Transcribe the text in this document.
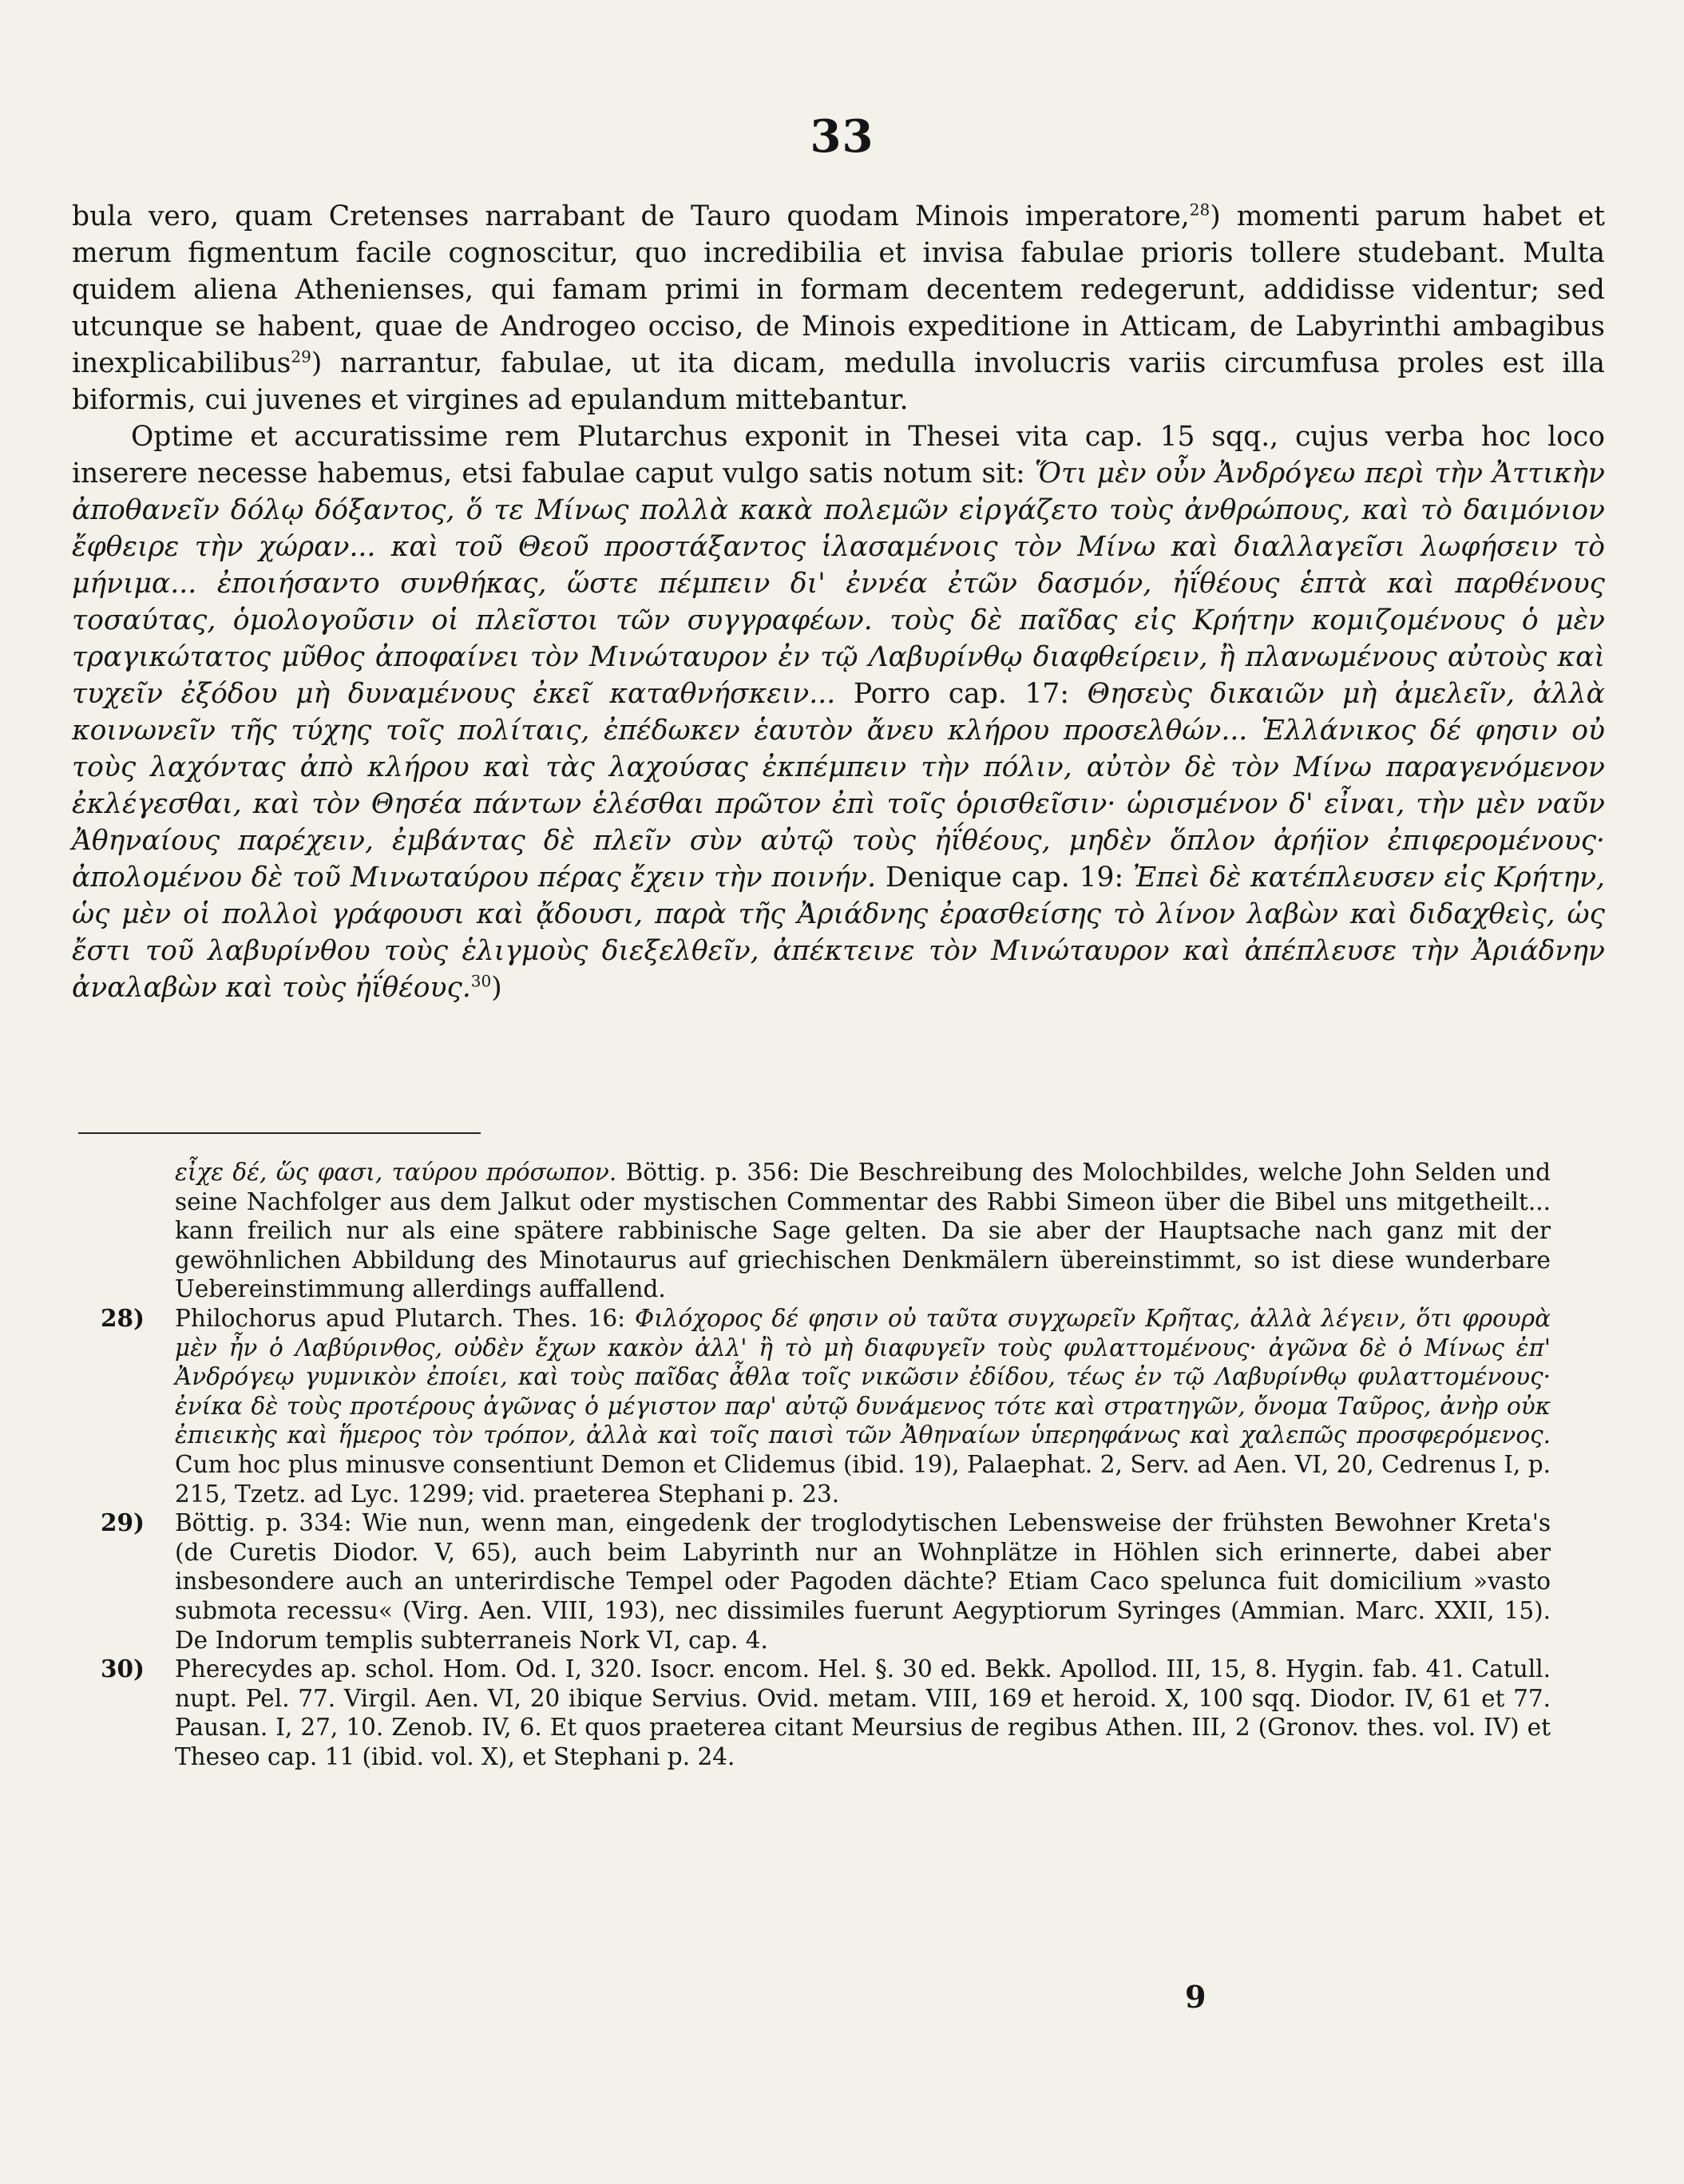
33

bula vero, quam Cretenses narrabant de Tauro quodam Minois imperatore,$^{28}$) momenti parum habet et merum figmentum facile cognoscitur, quo incredibilia et invisa fabulae prioris tollere studebant. Multa quidem aliena Athenienses, qui famam primi in formam decentem redegerunt, addidisse videntur; sed utcunque se habent, quae de Androgeo occiso, de Minois expeditione in Atticam, de Labyrinthi ambagibus inexplicabilibus$^{29}$) narrantur, fabulae, ut ita dicam, medulla involucris variis circumfusa proles est illa biformis, cui juvenes et virgines ad epulandum mittebantur.

Optime et accuratissime rem Plutarchus exponit in Thesei vita cap. 15 sqq., cujus verba hoc loco inserere necesse habemus, etsi fabulae caput vulgo satis notum sit: Ὅτι μὲν οὖν Ἀνδρόγεω περὶ τὴν Ἀττικὴν ἀποθανεῖν δόλῳ δόξαντος, ὅ τε Μίνως πολλὰ κακὰ πολεμῶν εἰργάζετο τοὺς ἀνθρώπους, καὶ τὸ δαιμόνιον ἔφθειρε τὴν χώραν... καὶ τοῦ Θεοῦ προστάξαντος ἱλασαμένοις τὸν Μίνω καὶ διαλλαγεῖσι λωφήσειν τὸ μήνιμα... ἐποιήσαντο συνθήκας, ὥστε πέμπειν δι' ἐννέα ἐτῶν δασμόν, ἠΐθέους ἑπτὰ καὶ παρθένους τοσαύτας, ὁμολογοῦσιν οἱ πλεῖστοι τῶν συγγραφέων. τοὺς δὲ παῖδας εἰς Κρήτην κομιζομένους ὁ μὲν τραγικώτατος μῦθος ἀποφαίνει τὸν Μινώταυρον ἐν τῷ Λαβυρίνθῳ διαφθείρειν, ἢ πλανωμένους αὐτοὺς καὶ τυχεῖν ἐξόδου μὴ δυναμένους ἐκεῖ καταθνήσκειν... Porro cap. 17: Θησεὺς δικαιῶν μὴ ἀμελεῖν, ἀλλὰ κοινωνεῖν τῆς τύχης τοῖς πολίταις, ἐπέδωκεν ἑαυτὸν ἄνευ κλήρου προσελθών... Ἑλλάνικος δέ φησιν οὐ τοὺς λαχόντας ἀπὸ κλήρου καὶ τὰς λαχούσας ἐκπέμπειν τὴν πόλιν, αὐτὸν δὲ τὸν Μίνω παραγενόμενον ἐκλέγεσθαι, καὶ τὸν Θησέα πάντων ἑλέσθαι πρῶτον ἐπὶ τοῖς ὁρισθεῖσιν· ὡρισμένον δ' εἶναι, τὴν μὲν ναῦν Ἀθηναίους παρέχειν, ἐμβάντας δὲ πλεῖν σὺν αὐτῷ τοὺς ἠΐθέους, μηδὲν ὅπλον ἀρήϊον ἐπιφερομένους· ἀπολομένου δὲ τοῦ Μινωταύρου πέρας ἔχειν τὴν ποινήν. Denique cap. 19: Ἐπεὶ δὲ κατέπλευσεν εἰς Κρήτην, ὡς μὲν οἱ πολλοὶ γράφουσι καὶ ᾄδουσι, παρὰ τῆς Ἀριάδνης ἐρασθείσης τὸ λίνον λαβὼν καὶ διδαχθεὶς, ὡς ἔστι τοῦ λαβυρίνθου τοὺς ἑλιγμοὺς διεξελθεῖν, ἀπέκτεινε τὸν Μινώταυρον καὶ ἀπέπλευσε τὴν Ἀριάδνην ἀναλαβὼν καὶ τοὺς ἠΐθέους.$^{30}$)

εἶχε δέ, ὥς φασι, ταύρου πρόσωπον. Böttig. p. 356: Die Beschreibung des Molochbildes, welche John Selden und seine Nachfolger aus dem Jalkut oder mystischen Commentar des Rabbi Simeon über die Bibel uns mitgetheilt... kann freilich nur als eine spätere rabbinische Sage gelten. Da sie aber der Hauptsache nach ganz mit der gewöhnlichen Abbildung des Minotaurus auf griechischen Denkmälern übereinstimmt, so ist diese wunderbare Uebereinstimmung allerdings auffallend.

28) Philochorus apud Plutarch. Thes. 16: Φιλόχορος δέ φησιν οὐ ταῦτα συγχωρεῖν Κρῆτας, ἀλλὰ λέγειν, ὅτι φρουρὰ μὲν ἦν ὁ Λαβύρινθος, οὐδὲν ἔχων κακὸν ἀλλ' ἢ τὸ μὴ διαφυγεῖν τοὺς φυλαττομένους· ἀγῶνα δὲ ὁ Μίνως ἐπ' Ἀνδρόγεῳ γυμνικὸν ἐποίει, καὶ τοὺς παῖδας ἆθλα τοῖς νικῶσιν ἐδίδου, τέως ἐν τῷ Λαβυρίνθῳ φυλαττομένους· ἐνίκα δὲ τοὺς προτέρους ἀγῶνας ὁ μέγιστον παρ' αὐτῷ δυνάμενος τότε καὶ στρατηγῶν, ὄνομα Ταῦρος, ἀνὴρ οὐκ ἐπιεικὴς καὶ ἥμερος τὸν τρόπον, ἀλλὰ καὶ τοῖς παισὶ τῶν Ἀθηναίων ὑπερηφάνως καὶ χαλεπῶς προσφερόμενος. Cum hoc plus minusve consentiunt Demon et Clidemus (ibid. 19), Palaephat. 2, Serv. ad Aen. VI, 20, Cedrenus I, p. 215, Tzetz. ad Lyc. 1299; vid. praeterea Stephani p. 23.

29) Böttig. p. 334: Wie nun, wenn man, eingedenk der troglodytischen Lebensweise der frühsten Bewohner Kreta's (de Curetis Diodor. V, 65), auch beim Labyrinth nur an Wohnplätze in Höhlen sich erinnerte, dabei aber insbesondere auch an unterirdische Tempel oder Pagoden dächte? Etiam Caco spelunca fuit domicilium »vasto submota recessu« (Virg. Aen. VIII, 193), nec dissimiles fuerunt Aegyptiorum Syringes (Ammian. Marc. XXII, 15). De Indorum templis subterraneis Nork VI, cap. 4.

30) Pherecydes ap. schol. Hom. Od. I, 320. Isocr. encom. Hel. §. 30 ed. Bekk. Apollod. III, 15, 8. Hygin. fab. 41. Catull. nupt. Pel. 77. Virgil. Aen. VI, 20 ibique Servius. Ovid. metam. VIII, 169 et heroid. X, 100 sqq. Diodor. IV, 61 et 77. Pausan. I, 27, 10. Zenob. IV, 6. Et quos praeterea citant Meursius de regibus Athen. III, 2 (Gronov. thes. vol. IV) et Theseo cap. 11 (ibid. vol. X), et Stephani p. 24.

9
